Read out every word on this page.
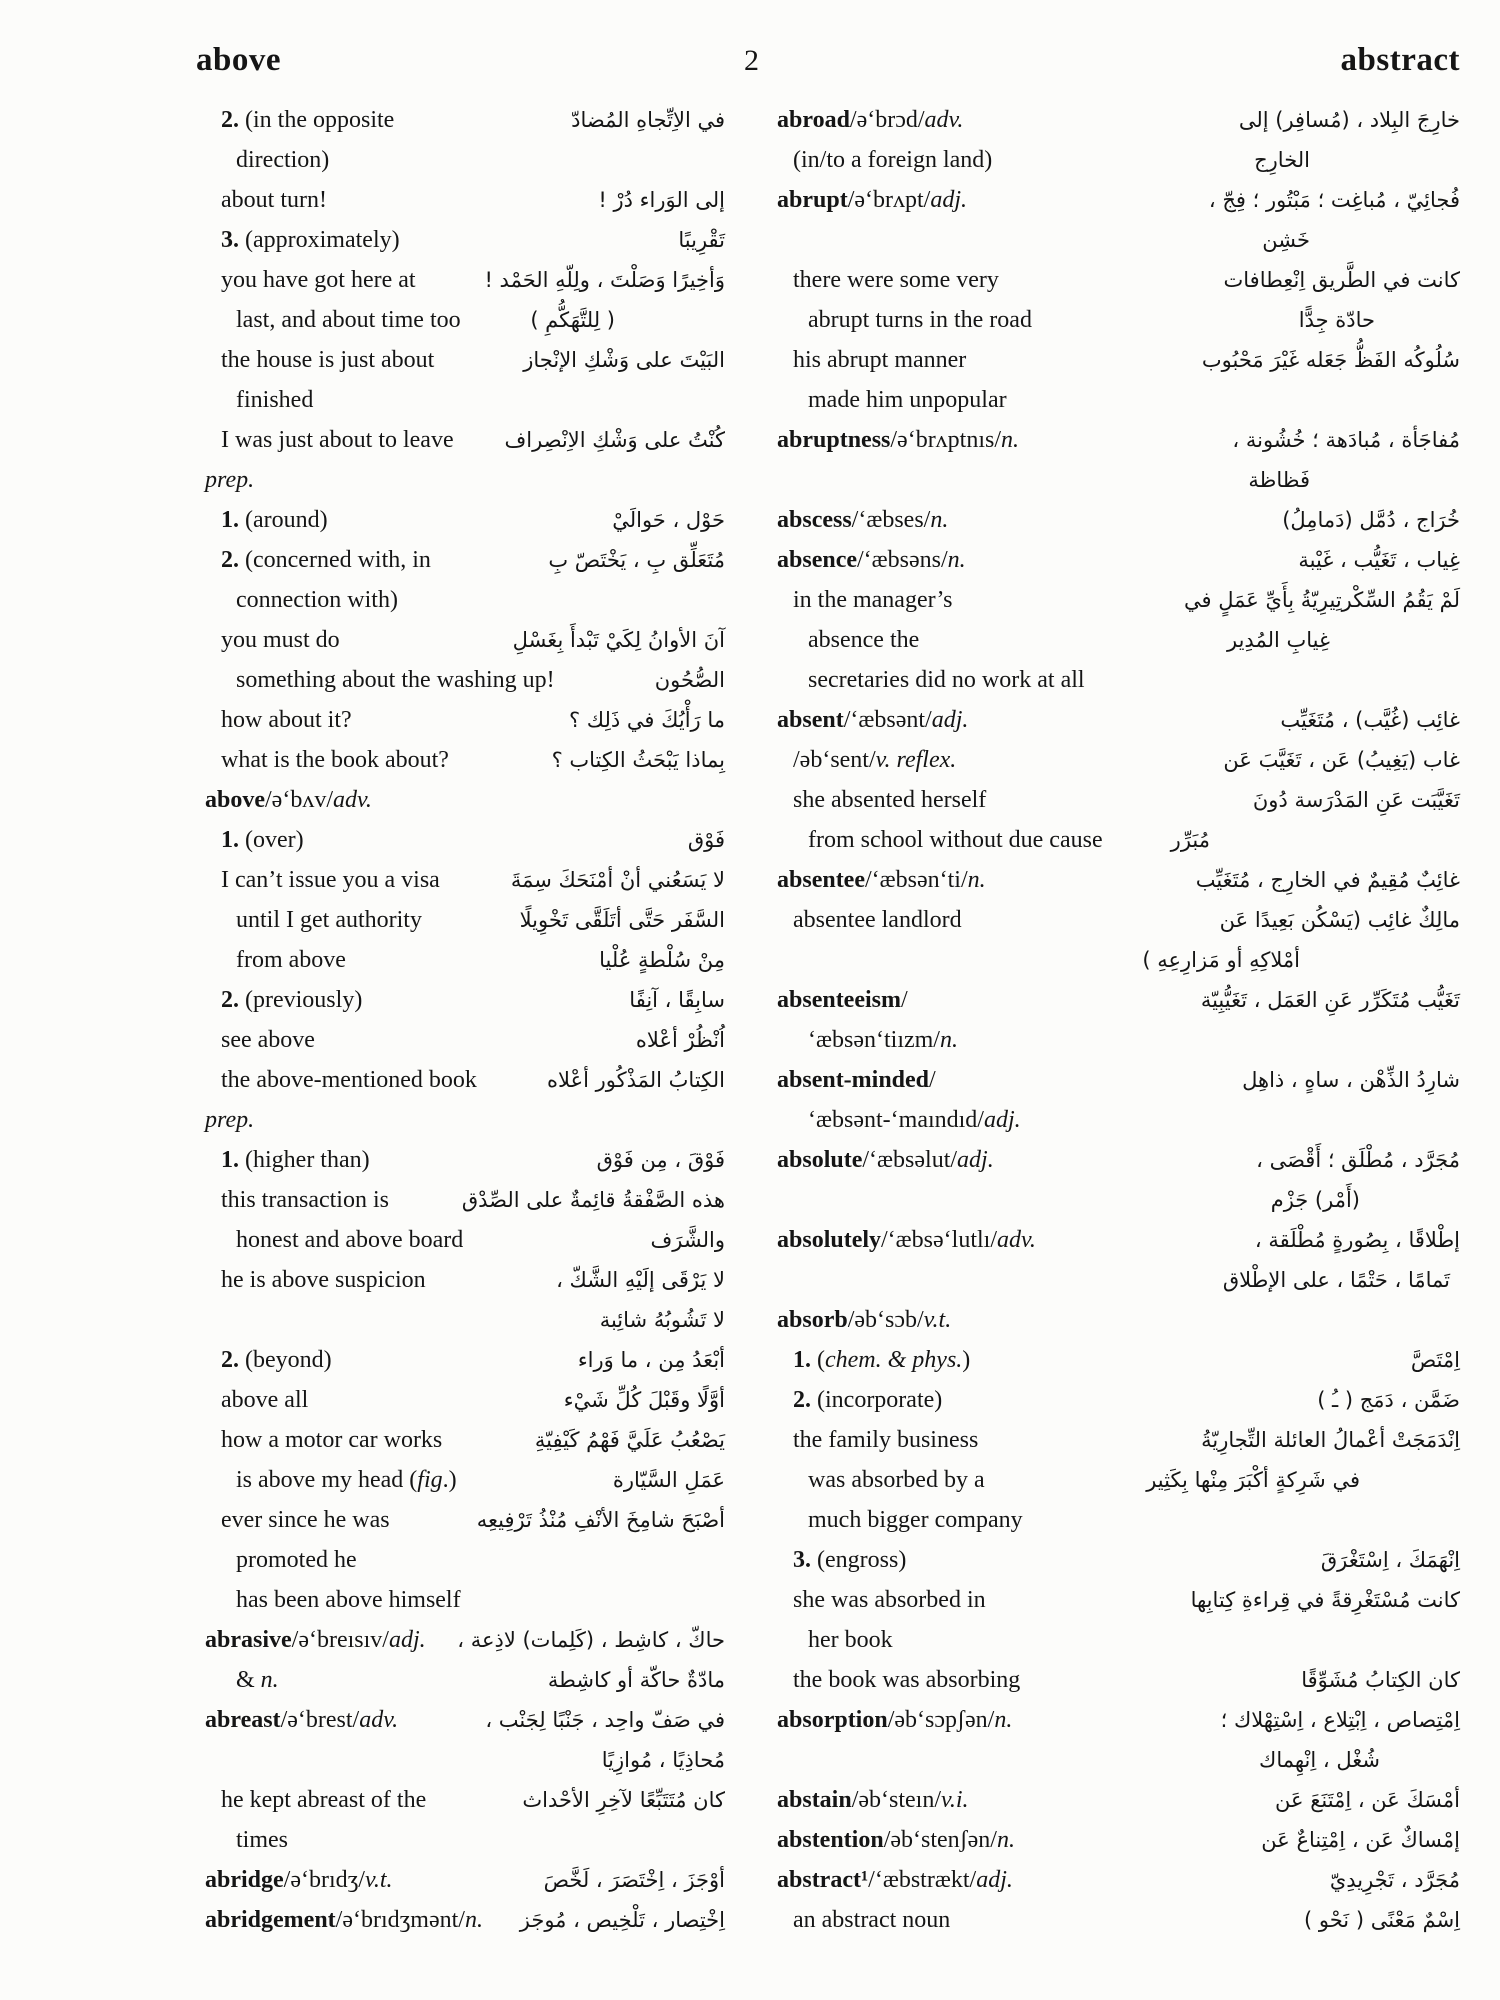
above	2	abstract
2. (in the opposite	في الاِتِّجاهِ المُضادّ
direction)
about turn!	إلى الوَراء دُرْ !
3. (approximately)	تَقْرِيبًا
you have got here at	وَأخِيرًا وَصَلْتَ ، ولِلّهِ الحَمْد !
last, and about time too	( لِلتَّهَكُّمِ )
the house is just about	البَيْتَ على وَشْكِ الإنْجاز
finished
I was just about to leave كُنْتُ على وَشْكِ الاِنْصِراف
prep.
1. (around)	حَوْل ، حَوالَيْ
2. (concerned with, in	مُتَعَلِّق بِ ، يَخْتَصّ بِ
connection with)
you must do	آنَ الأوانُ لِكَيْ تَبْدأَ بِغَسْلِ
something about the washing up!	الصُّحُون
how about it?	ما رَأْيُكَ في ذَلِك ؟
what is the book about?	بِماذا يَبْحَثُ الكِتاب ؟
above/ə‘bʌv/adv.
1. (over)	فَوْق
I can’t issue you a visa	لا يَسَعُني أنْ أمْنَحَكَ سِمَةَ
until I get authority	السَّفَر حَتَّى أتَلَقَّى تَخْوِيلًا
from above	مِنْ سُلْطةٍ عُلْيا
2. (previously)	سابِقًا ، آنِفًا
see above	اُنْظُرْ أعْلاه
the above-mentioned book	الكِتابُ المَذْكُور أعْلاه
prep.
1. (higher than)	فَوْقَ ، مِن فَوْق
this transaction is	هذه الصَّفْقةُ قائِمةٌ على الصِّدْق
honest and above board	والشَّرَف
he is above suspicion	لا يَرْقَى إلَيْهِ الشَّكّ ،
لا تَشُوبُهُ شائِبة
2. (beyond)	أبْعَدُ مِن ، ما وَراء
above all	أوَّلًا وقَبْلَ كُلِّ شَيْء
how a motor car works	يَصْعُبُ عَلَيَّ فَهْمُ كَيْفِيّةِ
is above my head (fig.)	عَمَلِ السَّيّارة
ever since he was	أصْبَحَ شامِخَ الأنْفِ مُنْذُ تَرْفِيعِه
promoted he
has been above himself
abrasive/ə‘breısıv/adj. حاكّ ، كاشِط ، (كَلِمات) لاذِعة ،
& n.	مادّةٌ حاكّة أو كاشِطة
abreast/ə‘brest/adv.	في صَفّ واحِد ، جَنْبًا لِجَنْب ،
مُحاذِيًا ، مُوازِيًا
he kept abreast of the	كان مُتَتَبِّعًا لآخِرِ الأحْداث
times
abridge/ə‘brıdʒ/v.t.	أوْجَزَ ، اِخْتَصَرَ ، لَخَّصَ
abridgement/ə‘brıdʒmənt/n. اِخْتِصار ، تَلْخِيص ، مُوجَز
abroad/ə‘brɔd/adv.	خارِجَ البِلاد ، (مُسافِر) إلى
(in/to a foreign land)	الخارِج
abrupt/ə‘brʌpt/adj.	فُجائِيّ ، مُباغِت ؛ مَبْتُور ؛ فِجّ ،
خَشِن
there were some very	كانت في الطَّريق اِنْعِطافات
abrupt turns in the road	حادّة جِدًّا
his abrupt manner	سُلُوكُه الفَظُّ جَعَله غَيْرَ مَحْبُوب
made him unpopular
abruptness/ə‘brʌptnıs/n.	مُفاجَأة ، مُبادَهة ؛ خُشُونة ،
فَظاظة
abscess/‘æbses/n.	خُرَاج ، دُمَّل (دَمامِلُ)
absence/‘æbsəns/n.	غِياب ، تَغَيُّب ، غَيْبة
in the manager’s	لَمْ يَقُمُ السِّكْرتِيرِيّةُ بِأَيِّ عَمَلٍ في
absence the	غِيابِ المُدِير
secretaries did no work at all
absent/‘æbsənt/adj.	غائِب (غُيَّب) ، مُتَغَيِّب
/əb‘sent/v. reflex.	غاب (يَغِيبُ) عَن ، تَغَيَّبَ عَن
she absented herself	تَغَيَّبَت عَنِ المَدْرَسة دُونَ
from school without due cause	مُبَرِّر
absentee/‘æbsən‘ti/n.	غائِبٌ مُقِيمٌ في الخارِج ، مُتَغَيِّب
absentee landlord	مالِكٌ غائِب (يَسْكُن بَعِيدًا عَن
أمْلاكِهِ أو مَزارِعِهِ )
absenteeism/	تَغَيُّب مُتَكَرِّر عَنِ العَمَل ، تَغَيُّبِيّة
‘æbsən‘tiızm/n.
absent-minded/	شارِدُ الذِّهْن ، ساهٍ ، ذاهِل
‘æbsənt-‘maındıd/adj.
absolute/‘æbsəlut/adj.	مُجَرَّد ، مُطْلَق ؛ أَقْصَى ،
(أَمْر) جَزْم
absolutely/‘æbsə‘lutlı/adv.	إطْلاقًا ، بِصُورةٍ مُطْلَقة ،
تَمامًا ، حَتْمًا ، على الإطْلاق
absorb/əb‘sɔb/v.t.
1. (chem. & phys.)	اِمْتَصَّ
2. (incorporate)	ضَمَّن ، دَمَج ( ـُ )
the family business	اِنْدَمَجَتْ أعْمالُ العائلة التِّجارِيّةُ
was absorbed by a	في شَرِكةٍ أكْبَرَ مِنْها بِكَثِير
much bigger company
3. (engross)	اِنْهَمَكَ ، اِسْتَغْرَقَ
she was absorbed in	كانت مُسْتَغْرِقةً في قِراءةِ كِتابِها
her book
the book was absorbing	كان الكِتابُ مُشَوِّقًا
absorption/əb‘sɔpʃən/n.	اِمْتِصاص ، اِبْتِلاع ، اِسْتِهْلاك ؛
شُغْل ، اِنْهِماك
abstain/əb‘steın/v.i.	أمْسَكَ عَن ، اِمْتَنَعَ عَن
abstention/əb‘stenʃən/n.	إمْساكٌ عَن ، اِمْتِناعٌ عَن
abstract¹/‘æbstrækt/adj.	مُجَرَّد ، تَجْرِيدِيّ
an abstract noun	اِسْمٌ مَعْنًى ( نَحْو )
